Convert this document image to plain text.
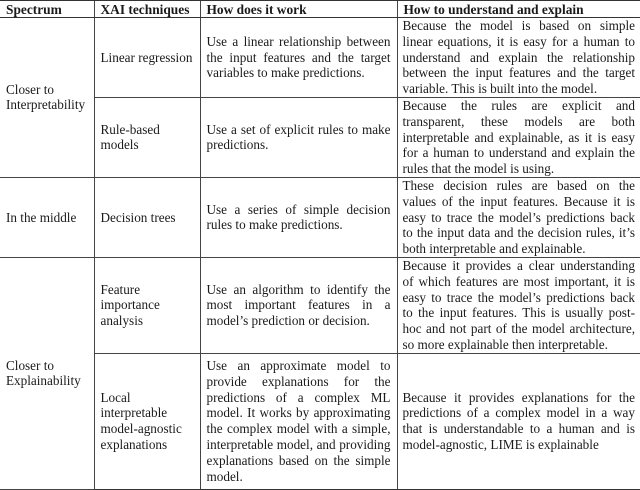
Spectrum	XAI techniques	How does it work	How to understand and explain
Closer to Interpretability	Linear regression	Use a linear relationship between the input features and the target variables to make predictions.	Because the model is based on simple linear equations, it is easy for a human to understand and explain the relationship between the input features and the target variable. This is built into the model.
	Rule-based models	Use a set of explicit rules to make predictions.	Because the rules are explicit and transparent, these models are both interpretable and explainable, as it is easy for a human to understand and explain the rules that the model is using.
In the middle	Decision trees	Use a series of simple decision rules to make predictions.	These decision rules are based on the values of the input features. Because it is easy to trace the model’s predictions back to the input data and the decision rules, it’s both interpretable and explainable.
Closer to Explainability	Feature importance analysis	Use an algorithm to identify the most important features in a model’s prediction or decision.	Because it provides a clear understanding of which features are most important, it is easy to trace the model’s predictions back to the input features. This is usually post-hoc and not part of the model architecture, so more explainable then interpretable.
	Local interpretable model-agnostic explanations	Use an approximate model to provide explanations for the predictions of a complex ML model. It works by approximating the complex model with a simple, interpretable model, and providing explanations based on the simple model.	Because it provides explanations for the predictions of a complex model in a way that is understandable to a human and is model-agnostic, LIME is explainable
